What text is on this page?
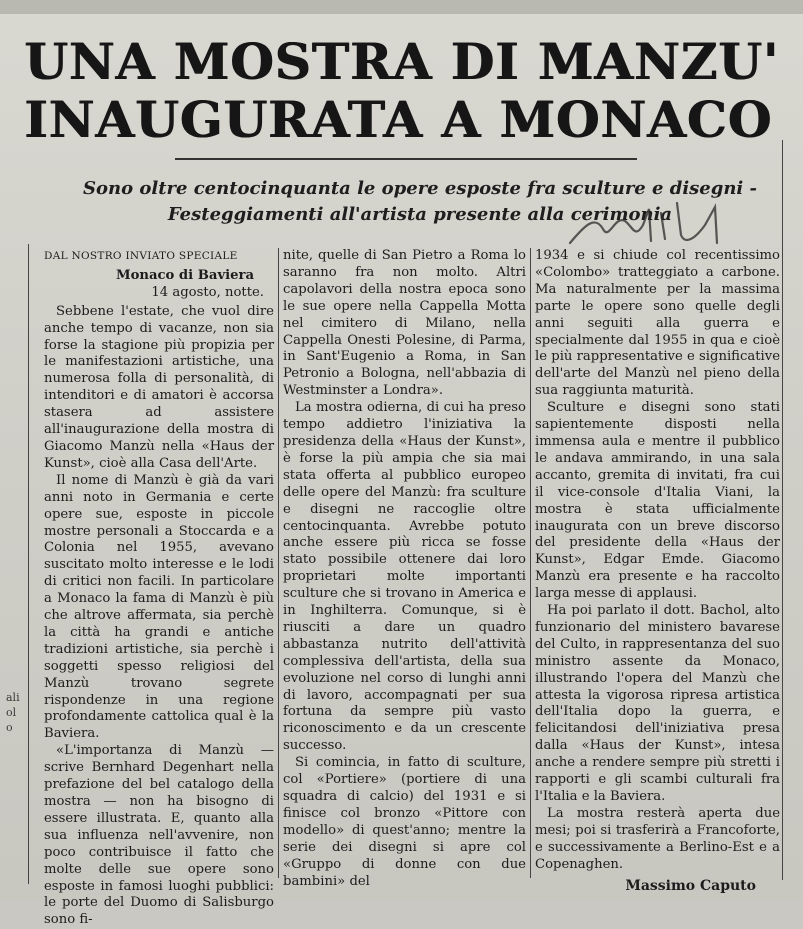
UNA MOSTRA DI MANZU'
INAUGURATA A MONACO
Sono oltre centocinquanta le opere esposte fra sculture e disegni - Festeggiamenti all'artista presente alla cerimonia
aliolo
DAL NOSTRO INVIATO SPECIALE
Monaco di Baviera
14 agosto, notte.

Sebbene l'estate, che vuol dire anche tempo di vacanze, non sia forse la stagione più propizia per le manifestazioni artistiche, una numerosa folla di personalità, di intenditori e di amatori è accorsa stasera ad assistere all'inaugurazione della mostra di Giacomo Manzù nella «Haus der Kunst», cioè alla Casa dell'Arte.

Il nome di Manzù è già da vari anni noto in Germania e certe opere sue, esposte in piccole mostre personali a Stoccarda e a Colonia nel 1955, avevano suscitato molto interesse e le lodi di critici non facili. In particolare a Monaco la fama di Manzù è più che altrove affermata, sia perchè la città ha grandi e antiche tradizioni artistiche, sia perchè i soggetti spesso religiosi del Manzù trovano segrete rispondenze in una regione profondamente cattolica qual è la Baviera.

«L'importanza di Manzù — scrive Bernhard Degenhart nella prefazione del bel catalogo della mostra — non ha bisogno di essere illustrata. E, quanto alla sua influenza nell'avvenire, non poco contribuisce il fatto che molte delle sue opere sono esposte in famosi luoghi pubblici: le porte del Duomo di Salisburgo sono fi-

nite, quelle di San Pietro a Roma lo saranno fra non molto. Altri capolavori della nostra epoca sono le sue opere nella Cappella Motta nel cimitero di Milano, nella Cappella Onesti Polesine, di Parma, in Sant'Eugenio a Roma, in San Petronio a Bologna, nell'abbazia di Westminster a Londra».

La mostra odierna, di cui ha preso tempo addietro l'iniziativa la presidenza della «Haus der Kunst», è forse la più ampia che sia mai stata offerta al pubblico europeo delle opere del Manzù: fra sculture e disegni ne raccoglie oltre centocinquanta. Avrebbe potuto anche essere più ricca se fosse stato possibile ottenere dai loro proprietari molte importanti sculture che si trovano in America e in Inghilterra. Comunque, si è riusciti a dare un quadro abbastanza nutrito dell'attività complessiva dell'artista, della sua evoluzione nel corso di lunghi anni di lavoro, accompagnati per sua fortuna da sempre più vasto riconoscimento e da un crescente successo.

Si comincia, in fatto di sculture, col «Portiere» (portiere di una squadra di calcio) del 1931 e si finisce col bronzo «Pittore con modello» di quest'anno; mentre la serie dei disegni si apre col «Gruppo di donne con due bambini» del

1934 e si chiude col recentissimo «Colombo» tratteggiato a carbone. Ma naturalmente per la massima parte le opere sono quelle degli anni seguiti alla guerra e specialmente dal 1955 in qua e cioè le più rappresentative e significative dell'arte del Manzù nel pieno della sua raggiunta maturità.

Sculture e disegni sono stati sapientemente disposti nella immensa aula e mentre il pubblico le andava ammirando, in una sala accanto, gremita di invitati, fra cui il vice-console d'Italia Viani, la mostra è stata ufficialmente inaugurata con un breve discorso del presidente della «Haus der Kunst», Edgar Emde. Giacomo Manzù era presente e ha raccolto larga messe di applausi.

Ha poi parlato il dott. Bachol, alto funzionario del ministero bavarese del Culto, in rappresentanza del suo ministro assente da Monaco, illustrando l'opera del Manzù che attesta la vigorosa ripresa artistica dell'Italia dopo la guerra, e felicitandosi dell'iniziativa presa dalla «Haus der Kunst», intesa anche a rendere sempre più stretti i rapporti e gli scambi culturali fra l'Italia e la Baviera.

La mostra resterà aperta due mesi; poi si trasferirà a Francoforte, e successivamente a Berlino-Est e a Copenaghen.

Massimo Caputo
